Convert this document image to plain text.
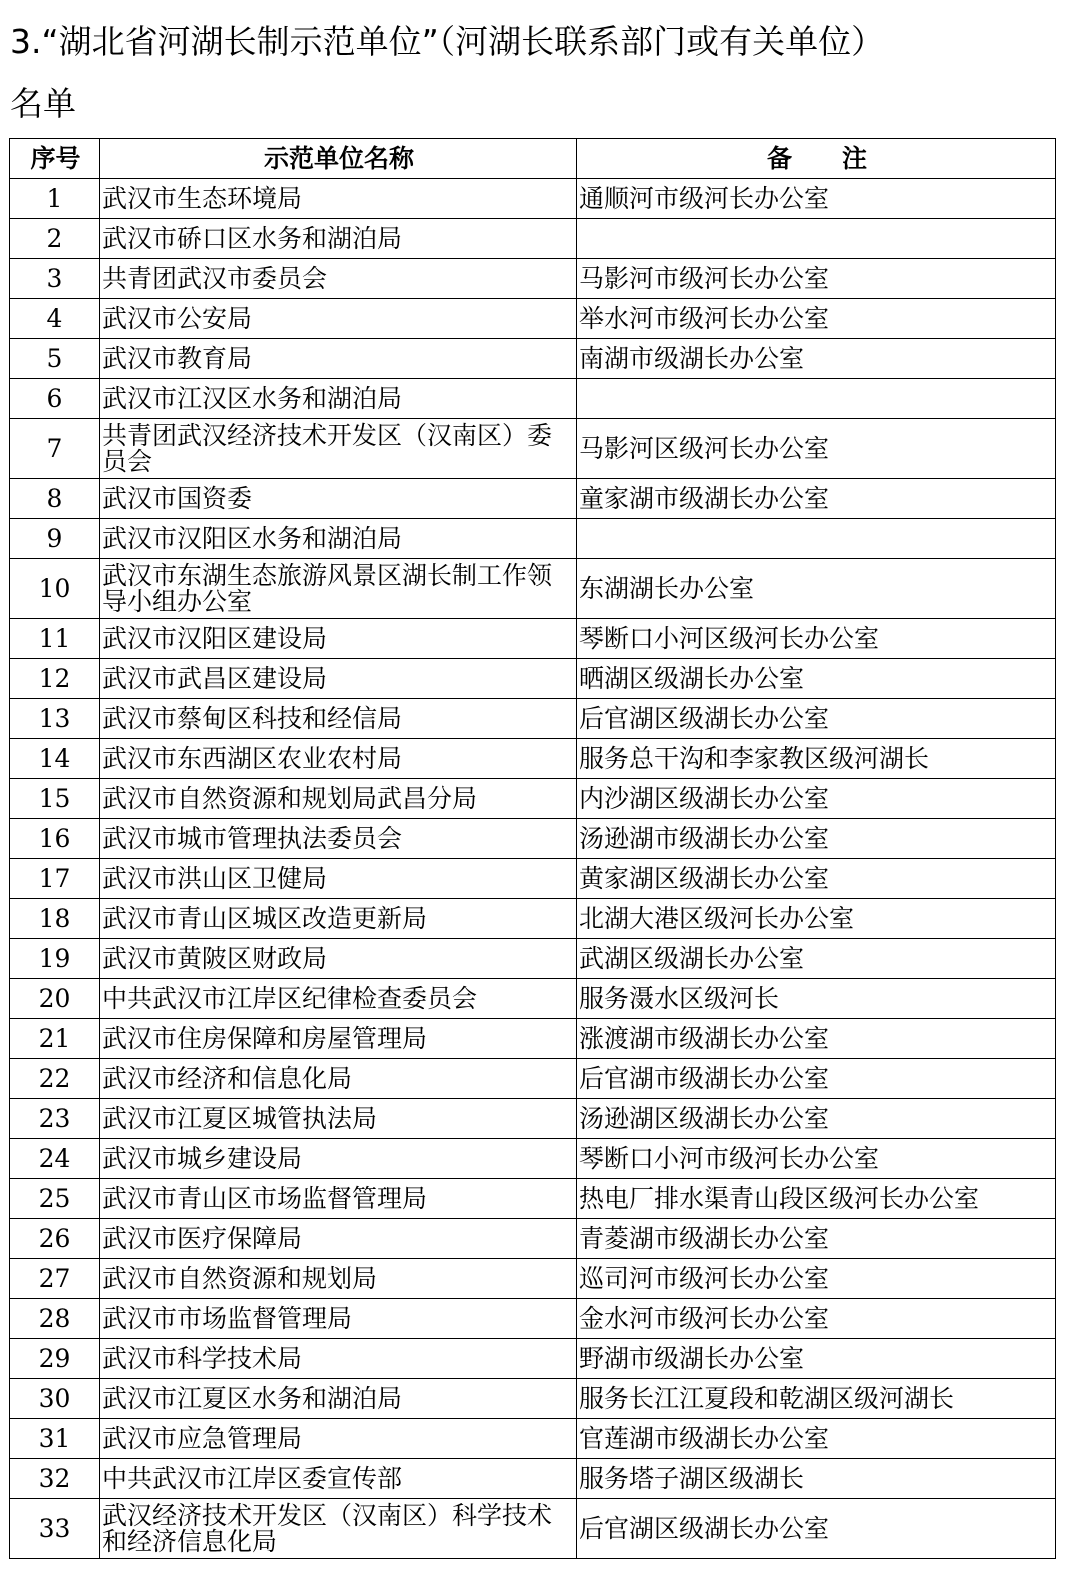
3.“湖北省河湖长制示范单位”（河湖长联系部门或有关单位）
名单
序号	示范单位名称	备　　注
1	武汉市生态环境局	通顺河市级河长办公室
2	武汉市硚口区水务和湖泊局	
3	共青团武汉市委员会	马影河市级河长办公室
4	武汉市公安局	举水河市级河长办公室
5	武汉市教育局	南湖市级湖长办公室
6	武汉市江汉区水务和湖泊局	
7	共青团武汉经济技术开发区（汉南区）委员会	马影河区级河长办公室
8	武汉市国资委	童家湖市级湖长办公室
9	武汉市汉阳区水务和湖泊局	
10	武汉市东湖生态旅游风景区湖长制工作领导小组办公室	东湖湖长办公室
11	武汉市汉阳区建设局	琴断口小河区级河长办公室
12	武汉市武昌区建设局	晒湖区级湖长办公室
13	武汉市蔡甸区科技和经信局	后官湖区级湖长办公室
14	武汉市东西湖区农业农村局	服务总干沟和李家教区级河湖长
15	武汉市自然资源和规划局武昌分局	内沙湖区级湖长办公室
16	武汉市城市管理执法委员会	汤逊湖市级湖长办公室
17	武汉市洪山区卫健局	黄家湖区级湖长办公室
18	武汉市青山区城区改造更新局	北湖大港区级河长办公室
19	武汉市黄陂区财政局	武湖区级湖长办公室
20	中共武汉市江岸区纪律检查委员会	服务滠水区级河长
21	武汉市住房保障和房屋管理局	涨渡湖市级湖长办公室
22	武汉市经济和信息化局	后官湖市级湖长办公室
23	武汉市江夏区城管执法局	汤逊湖区级湖长办公室
24	武汉市城乡建设局	琴断口小河市级河长办公室
25	武汉市青山区市场监督管理局	热电厂排水渠青山段区级河长办公室
26	武汉市医疗保障局	青菱湖市级湖长办公室
27	武汉市自然资源和规划局	巡司河市级河长办公室
28	武汉市市场监督管理局	金水河市级河长办公室
29	武汉市科学技术局	野湖市级湖长办公室
30	武汉市江夏区水务和湖泊局	服务长江江夏段和乾湖区级河湖长
31	武汉市应急管理局	官莲湖市级湖长办公室
32	中共武汉市江岸区委宣传部	服务塔子湖区级湖长
33	武汉经济技术开发区（汉南区）科学技术和经济信息化局	后官湖区级湖长办公室
